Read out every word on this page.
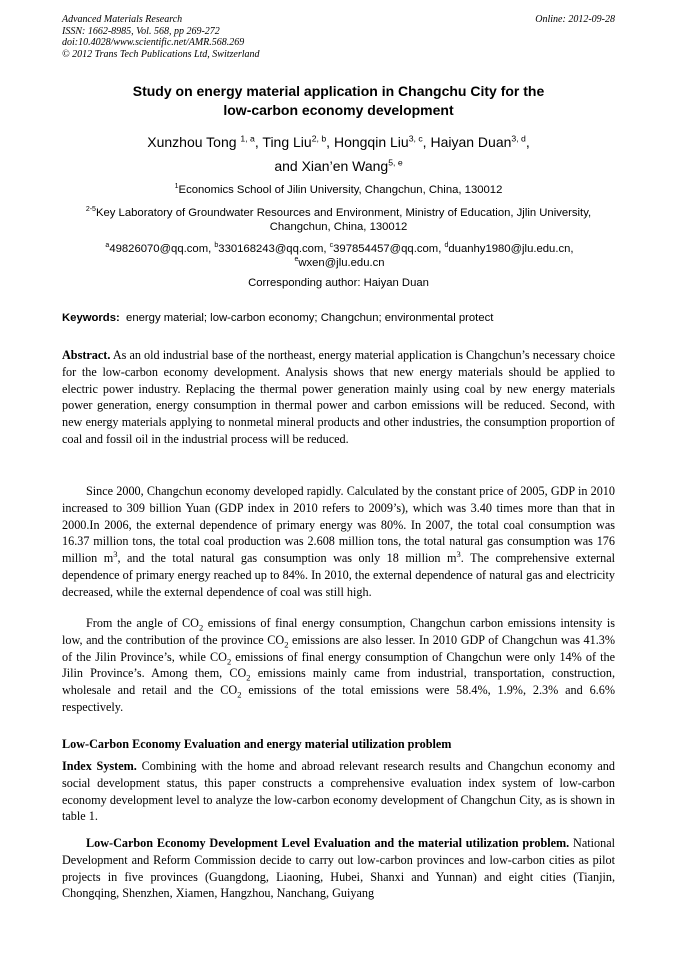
Advanced Materials Research
ISSN: 1662-8985, Vol. 568, pp 269-272
doi:10.4028/www.scientific.net/AMR.568.269
© 2012 Trans Tech Publications Ltd, Switzerland
Online: 2012-09-28
Study on energy material application in Changchu City for the
low-carbon economy development
Xunzhou Tong $^{1, a}$, Ting Liu$^{2, b}$, Hongqin Liu$^{3, c}$, Haiyan Duan$^{3, d}$,
and Xian’en Wang$^{5, e}$
$^1$Economics School of Jilin University, Changchun, China, 130012
$^{2-5}$Key Laboratory of Groundwater Resources and Environment, Ministry of Education, Jjlin University, Changchun, China, 130012
$^a$49826070@qq.com, $^b$330168243@qq.com, $^c$397854457@qq.com, $^d$duanhy1980@jlu.edu.cn,
$^e$wxen@jlu.edu.cn
Corresponding author: Haiyan Duan
Keywords: energy material; low-carbon economy; Changchun; environmental protect

Abstract. As an old industrial base of the northeast, energy material application is Changchun’s necessary choice for the low-carbon economy development. Analysis shows that new energy materials should be applied to electric power industry. Replacing the thermal power generation mainly using coal by new energy materials power generation, energy consumption in thermal power and carbon emissions will be reduced. Second, with new energy materials applying to nonmetal mineral products and other industries, the consumption proportion of coal and fossil oil in the industrial process will be reduced.

Since 2000, Changchun economy developed rapidly. Calculated by the constant price of 2005, GDP in 2010 increased to 309 billion Yuan (GDP index in 2010 refers to 2009’s), which was 3.40 times more than that in 2000.In 2006, the external dependence of primary energy was 80%. In 2007, the total coal consumption was 16.37 million tons, the total coal production was 2.608 million tons, the total natural gas consumption was 176 million $m^3$, and the total natural gas consumption was only 18 million $m^3$. The comprehensive external dependence of primary energy reached up to 84%. In 2010, the external dependence of natural gas and electricity decreased, while the external dependence of coal was still high.

From the angle of $CO_2$ emissions of final energy consumption, Changchun carbon emissions intensity is low, and the contribution of the province $CO_2$ emissions are also lesser. In 2010 GDP of Changchun was 41.3% of the Jilin Province’s, while $CO_2$ emissions of final energy consumption of Changchun were only 14% of the Jilin Province’s. Among them, $CO_2$ emissions mainly came from industrial, transportation, construction, wholesale and retail and the $CO_2$ emissions of the total emissions were 58.4%, 1.9%, 2.3% and 6.6% respectively.

Low-Carbon Economy Evaluation and energy material utilization problem

Index System. Combining with the home and abroad relevant research results and Changchun economy and social development status, this paper constructs a comprehensive evaluation index system of low-carbon economy development level to analyze the low-carbon economy development of Changchun City, as is shown in table 1.

Low-Carbon Economy Development Level Evaluation and the material utilization problem. National Development and Reform Commission decide to carry out low-carbon provinces and low-carbon cities as pilot projects in five provinces (Guangdong, Liaoning, Hubei, Shanxi and Yunnan) and eight cities (Tianjin, Chongqing, Shenzhen, Xiamen, Hangzhou, Nanchang, Guiyang
